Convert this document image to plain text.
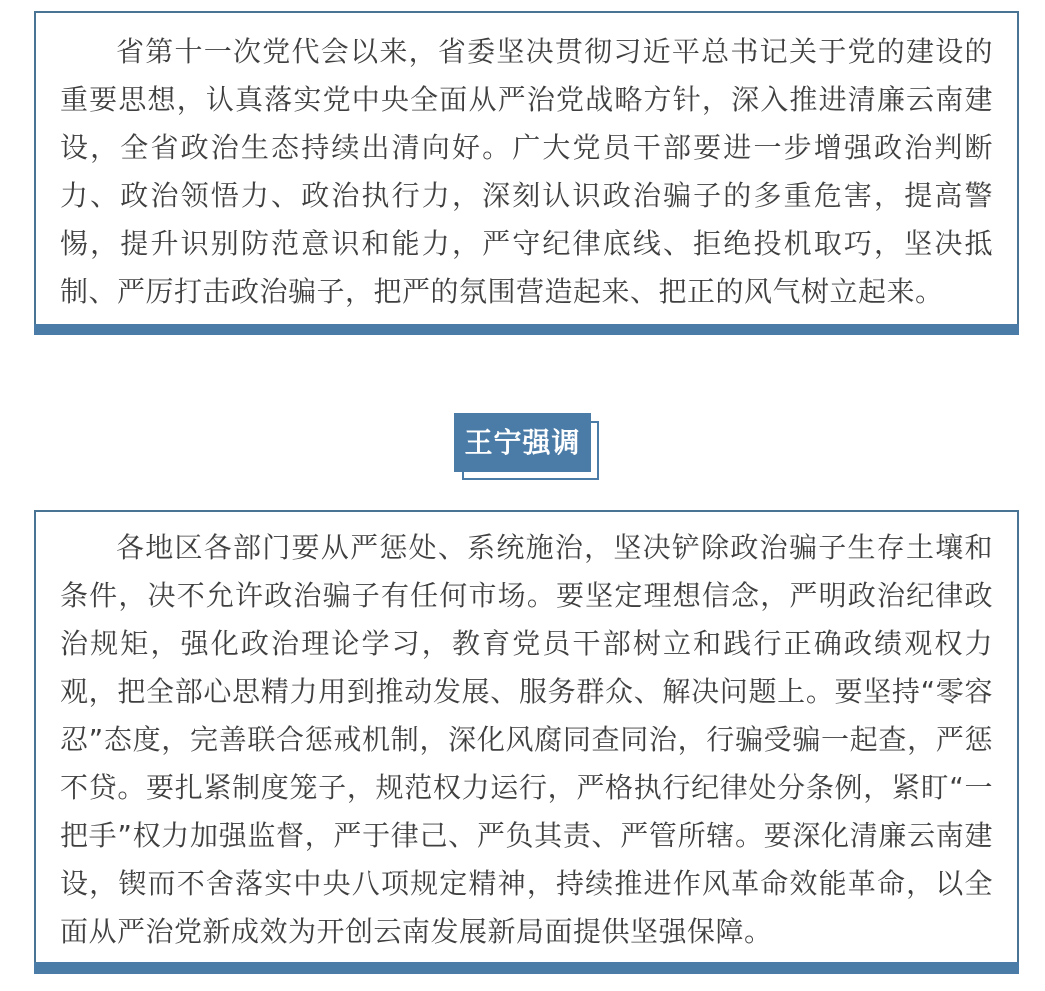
省第十一次党代会以来，省委坚决贯彻习近平总书记关于党的建设的重要思想，认真落实党中央全面从严治党战略方针，深入推进清廉云南建设，全省政治生态持续出清向好。广大党员干部要进一步增强政治判断力、政治领悟力、政治执行力，深刻认识政治骗子的多重危害，提高警惕，提升识别防范意识和能力，严守纪律底线、拒绝投机取巧，坚决抵制、严厉打击政治骗子，把严的氛围营造起来、把正的风气树立起来。
王宁强调
各地区各部门要从严惩处、系统施治，坚决铲除政治骗子生存土壤和条件，决不允许政治骗子有任何市场。要坚定理想信念，严明政治纪律政治规矩，强化政治理论学习，教育党员干部树立和践行正确政绩观权力观，把全部心思精力用到推动发展、服务群众、解决问题上。要坚持“零容忍”态度，完善联合惩戒机制，深化风腐同查同治，行骗受骗一起查，严惩不贷。要扎紧制度笼子，规范权力运行，严格执行纪律处分条例，紧盯“一把手”权力加强监督，严于律己、严负其责、严管所辖。要深化清廉云南建设，锲而不舍落实中央八项规定精神，持续推进作风革命效能革命，以全面从严治党新成效为开创云南发展新局面提供坚强保障。
